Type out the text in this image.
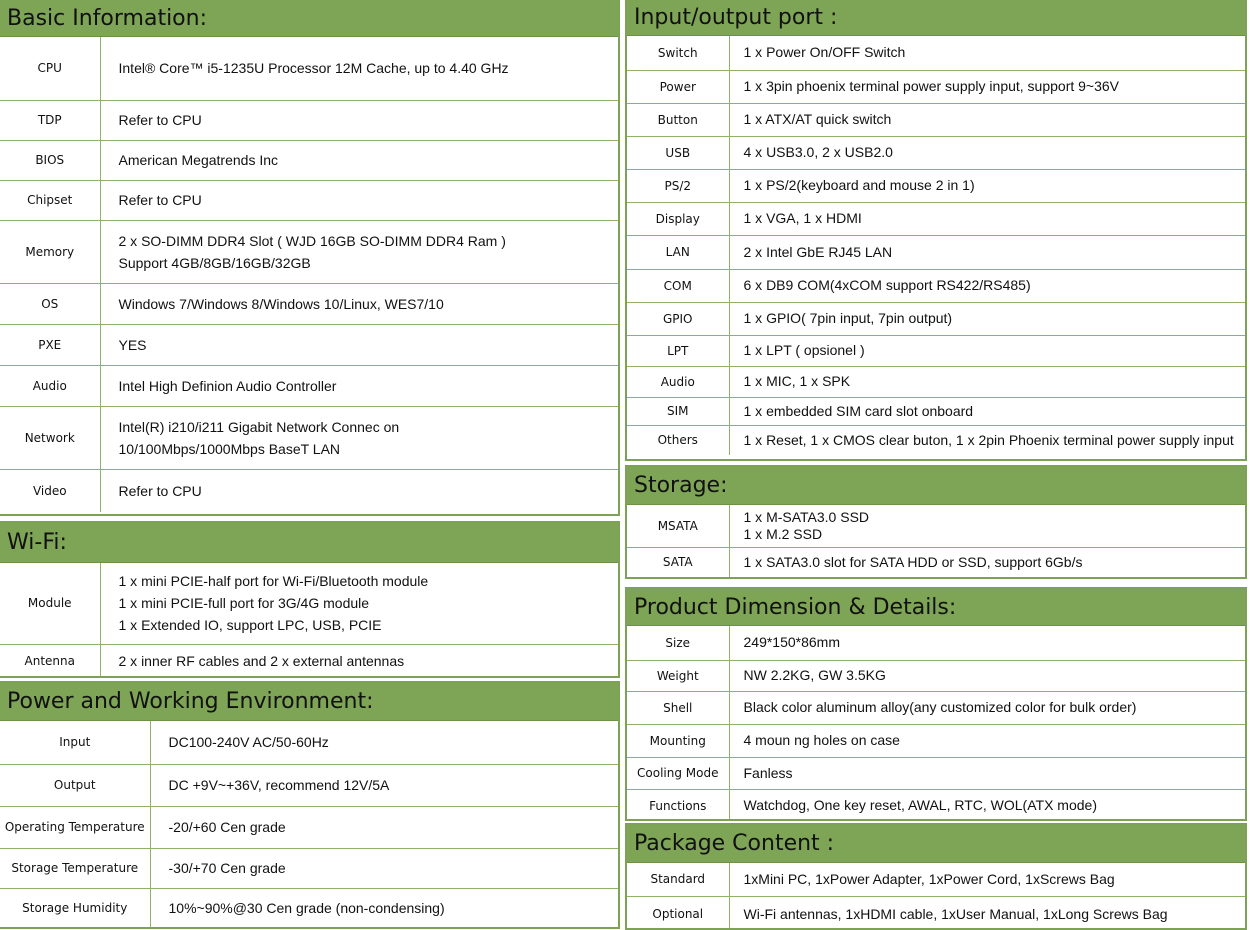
Basic Information:
CPU	Intel® Core™ i5-1235U Processor 12M Cache, up to 4.40 GHz

TDP	Refer to CPU

BIOS	American Megatrends Inc

Chipset	Refer to CPU

Memory	2 x SO-DIMM DDR4 Slot ( WJD 16GB SO-DIMM DDR4 Ram )
Support 4GB/8GB/16GB/32GB

OS	Windows 7/Windows 8/Windows 10/Linux, WES7/10

PXE	YES

Audio	Intel High Definion Audio Controller

Network	Intel(R) i210/i211 Gigabit Network Connec on
10/100Mbps/1000Mbps BaseT LAN

Video	Refer to CPU
Wi-Fi:
Module	1 x mini PCIE-half port for Wi-Fi/Bluetooth module
1 x mini PCIE-full port for 3G/4G module
1 x Extended IO, support LPC, USB, PCIE

Antenna	2 x inner RF cables and 2 x external antennas
Power and Working Environment:
Input	DC100-240V AC/50-60Hz

Output	DC +9V~+36V, recommend 12V/5A

Operating Temperature	-20/+60 Cen grade

Storage Temperature	-30/+70 Cen grade

Storage Humidity	10%~90%@30 Cen grade (non-condensing)
Input/output port :
Switch	1 x Power On/OFF Switch

Power	1 x 3pin phoenix terminal power supply input, support 9~36V

Button	1 x ATX/AT quick switch

USB	4 x USB3.0, 2 x USB2.0

PS/2	1 x PS/2(keyboard and mouse 2 in 1)

Display	1 x VGA, 1 x HDMI

LAN	2 x Intel GbE RJ45 LAN

COM	6 x DB9 COM(4xCOM support RS422/RS485)

GPIO	1 x GPIO( 7pin input, 7pin output)

LPT	1 x LPT ( opsionel )

Audio	1 x MIC, 1 x SPK

SIM	1 x embedded SIM card slot onboard

Others	1 x Reset, 1 x CMOS clear buton, 1 x 2pin Phoenix terminal power supply input
Storage:
MSATA	1 x M-SATA3.0 SSD
1 x M.2 SSD

SATA	1 x SATA3.0 slot for SATA HDD or SSD, support 6Gb/s
Product Dimension & Details:
Size	249*150*86mm

Weight	NW 2.2KG, GW 3.5KG

Shell	Black color aluminum alloy(any customized color for bulk order)

Mounting	4 moun ng holes on case

Cooling Mode	Fanless

Functions	Watchdog, One key reset, AWAL, RTC, WOL(ATX mode)
Package Content :
Standard	1xMini PC, 1xPower Adapter, 1xPower Cord, 1xScrews Bag

Optional	Wi-Fi antennas, 1xHDMI cable, 1xUser Manual, 1xLong Screws Bag
